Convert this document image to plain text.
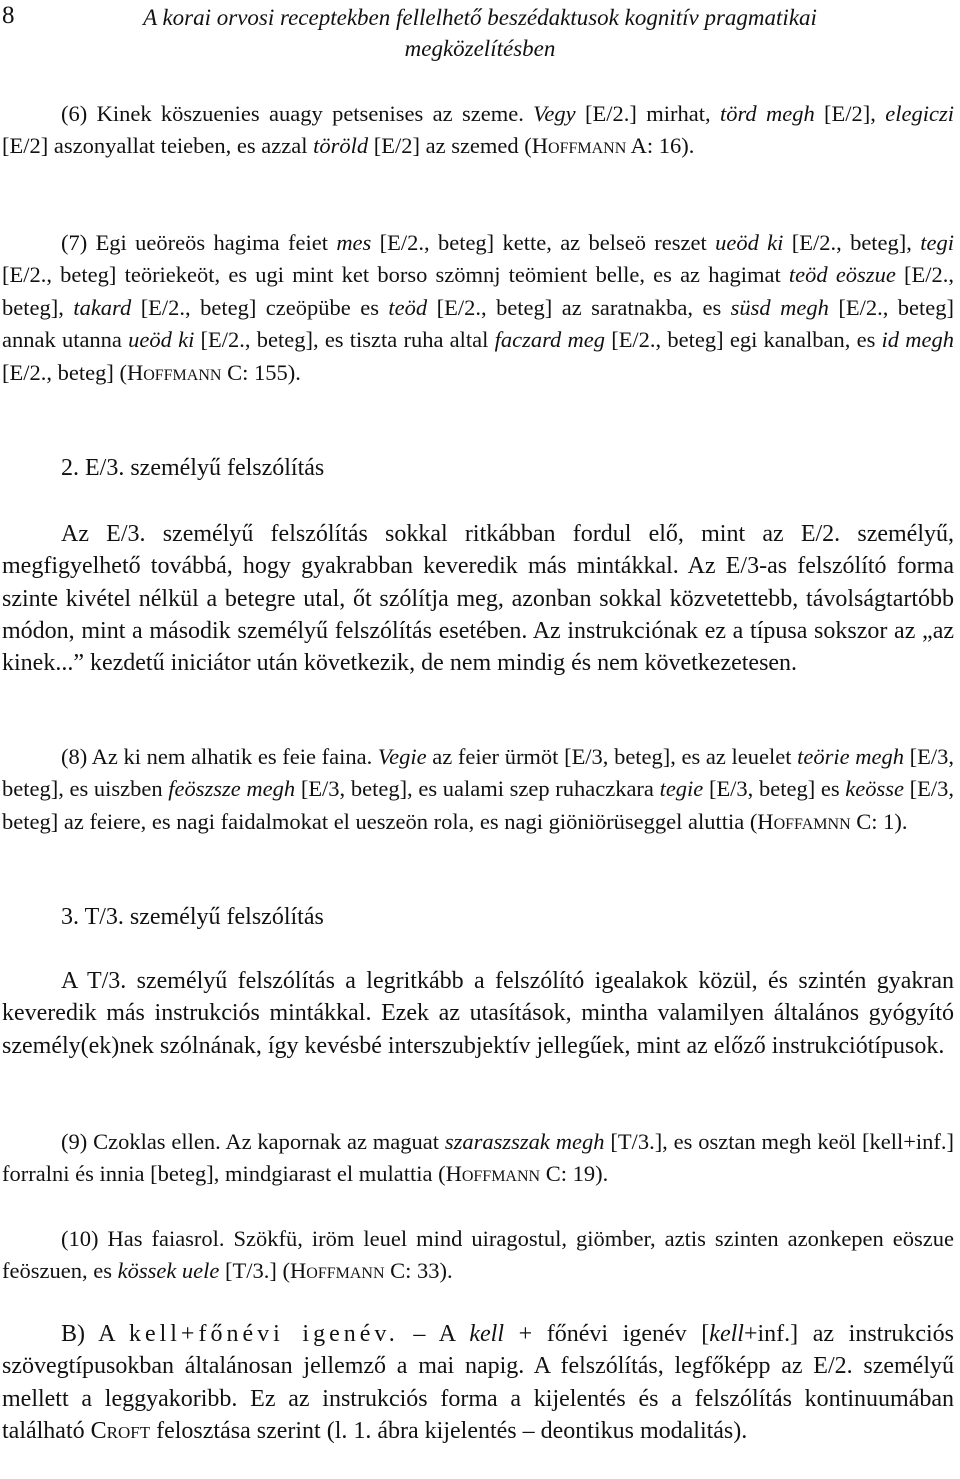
8	A korai orvosi receptekben fellelhető beszédaktusok kognitív pragmatikai
megközelítésben

(6) Kinek köszuenies auagy petsenises az szeme. Vegy [E/2.] mirhat, törd megh [E/2], elegiczi [E/2] aszonyallat teieben, es azzal töröld [E/2] az szemed (Hoffmann A: 16).

(7) Egi ueöreös hagima feiet mes [E/2., beteg] kette, az belseö reszet ueöd ki [E/2., beteg], tegi [E/2., beteg] teöriekeöt, es ugi mint ket borso szömnj teömient belle, es az hagimat teöd eöszue [E/2., beteg], takard [E/2., beteg] czeöpübe es teöd [E/2., beteg] az saratnakba, es süsd megh [E/2., beteg] annak utanna ueöd ki [E/2., beteg], es tiszta ruha altal faczard meg [E/2., beteg] egi kanalban, es id megh [E/2., beteg] (Hoffmann C: 155).

2. E/3. személyű felszólítás

Az E/3. személyű felszólítás sokkal ritkábban fordul elő, mint az E/2. személyű, megfigyelhető továbbá, hogy gyakrabban keveredik más mintákkal. Az E/3-as felszólító forma szinte kivétel nélkül a betegre utal, őt szólítja meg, azonban sokkal közvetettebb, távolságtartóbb módon, mint a második személyű felszólítás esetében. Az instrukciónak ez a típusa sokszor az „az kinek...” kezdetű iniciátor után következik, de nem mindig és nem következetesen.

(8) Az ki nem alhatik es feie faina. Vegie az feier ürmöt [E/3, beteg], es az leuelet teörie megh [E/3, beteg], es uiszben feöszsze megh [E/3, beteg], es ualami szep ruhaczkara tegie [E/3, beteg] es keösse [E/3, beteg] az feiere, es nagi faidalmokat el ueszeön rola, es nagi giöniörüseggel aluttia (Hoffamnn C: 1).

3. T/3. személyű felszólítás

A T/3. személyű felszólítás a legritkább a felszólító igealakok közül, és szintén gyakran keveredik más instrukciós mintákkal. Ezek az utasítások, mintha valamilyen általános gyógyító személy(ek)nek szólnának, így kevésbé interszubjektív jellegűek, mint az előző instrukciótípusok.

(9) Czoklas ellen. Az kapornak az maguat szaraszszak megh [T/3.], es osztan megh keöl [kell+inf.] forralni és innia [beteg], mindgiarast el mulattia (Hoffmann C: 19).

(10) Has faiasrol. Szökfü, iröm leuel mind uiragostul, giömber, aztis szinten azonkepen eöszue feöszuen, es kössek uele [T/3.] (Hoffmann C: 33).

B) A kell+főnévi igenév. – A kell + főnévi igenév [kell+inf.] az instrukciós szövegtípusokban általánosan jellemző a mai napig. A felszólítás, legfőképp az E/2. személyű mellett a leggyakoribb. Ez az instrukciós forma a kijelentés és a felszólítás kontinuumában található Croft felosztása szerint (l. 1. ábra kijelentés – deontikus modalitás).
